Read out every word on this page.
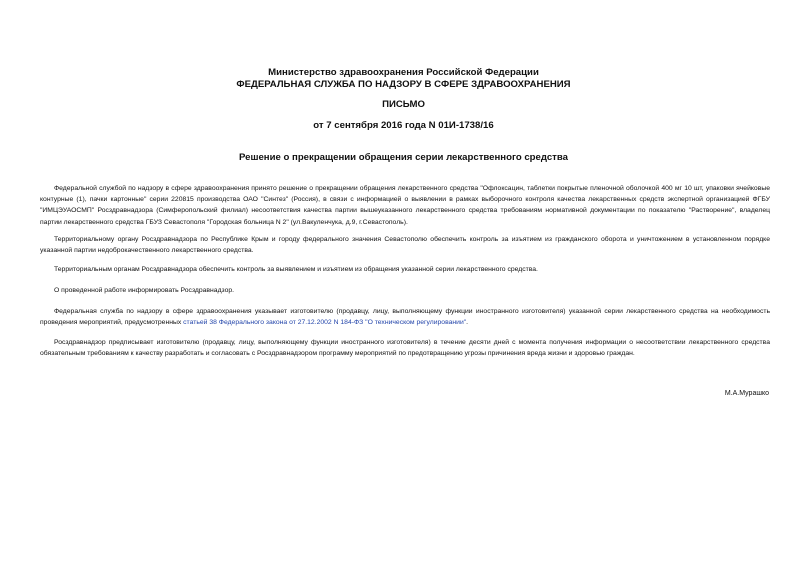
Министерство здравоохранения Российской Федерации
ФЕДЕРАЛЬНАЯ СЛУЖБА ПО НАДЗОРУ В СФЕРЕ ЗДРАВООХРАНЕНИЯ
ПИСЬМО
от 7 сентября 2016 года N 01И-1738/16
Решение о прекращении обращения серии лекарственного средства
Федеральной службой по надзору в сфере здравоохранения принято решение о прекращении обращения лекарственного средства "Офлоксацин, таблетки покрытые пленочной оболочкой 400 мг 10 шт, упаковки ячейковые контурные (1), пачки картонные" серии 220815 производства ОАО "Синтез" (Россия), в связи с информацией о выявлении в рамках выборочного контроля качества лекарственных средств экспертной организацией ФГБУ "ИМЦЭУАОСМП" Росздравнадзора (Симферопольский филиал) несоответствия качества партии вышеуказанного лекарственного средства требованиям нормативной документации по показателю "Растворение", владелец партии лекарственного средства ГБУЗ Севастополя "Городская больница N 2" (ул.Вакуленчука, д.9, г.Севастополь).
Территориальному органу Росздравнадзора по Республике Крым и городу федерального значения Севастополю обеспечить контроль за изъятием из гражданского оборота и уничтожением в установленном порядке указанной партии недоброкачественного лекарственного средства.
Территориальным органам Росздравнадзора обеспечить контроль за выявлением и изъятием из обращения указанной серии лекарственного средства.
О проведенной работе информировать Росздравнадзор.
Федеральная служба по надзору в сфере здравоохранения указывает изготовителю (продавцу, лицу, выполняющему функции иностранного изготовителя) указанной серии лекарственного средства на необходимость проведения мероприятий, предусмотренных статьей 38 Федерального закона от 27.12.2002 N 184-ФЗ "О техническом регулировании".
Росздравнадзор предписывает изготовителю (продавцу, лицу, выполняющему функции иностранного изготовителя) в течение десяти дней с момента получения информации о несоответствии лекарственного средства обязательным требованиям к качеству разработать и согласовать с Росздравнадзором программу мероприятий по предотвращению угрозы причинения вреда жизни и здоровью граждан.
М.А.Мурашко
